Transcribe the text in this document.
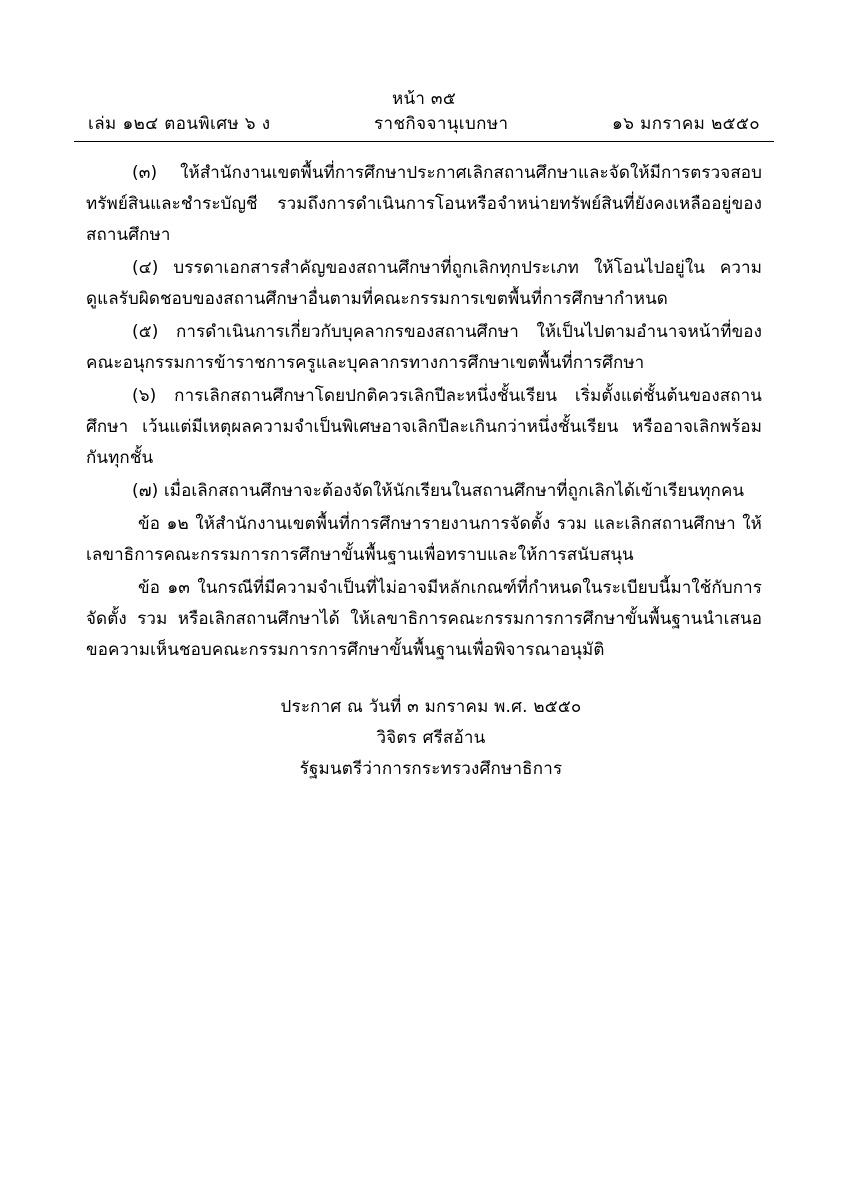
หน้า ๓๕
เล่ม ๑๒๔ ตอนพิเศษ ๖ ง	ราชกิจจานุเบกษา	๑๖ มกราคม ๒๕๕๐

(๓) ให้สำนักงานเขตพื้นที่การศึกษาประกาศเลิกสถานศึกษาและจัดให้มีการตรวจสอบทรัพย์สินและชำระบัญชี รวมถึงการดำเนินการโอนหรือจำหน่ายทรัพย์สินที่ยังคงเหลืออยู่ของสถานศึกษา

(๔) บรรดาเอกสารสำคัญของสถานศึกษาที่ถูกเลิกทุกประเภท ให้โอนไปอยู่ใน ความดูแลรับผิดชอบของสถานศึกษาอื่นตามที่คณะกรรมการเขตพื้นที่การศึกษากำหนด

(๕) การดำเนินการเกี่ยวกับบุคลากรของสถานศึกษา ให้เป็นไปตามอำนาจหน้าที่ของคณะอนุกรรมการข้าราชการครูและบุคลากรทางการศึกษาเขตพื้นที่การศึกษา

(๖) การเลิกสถานศึกษาโดยปกติควรเลิกปีละหนึ่งชั้นเรียน เริ่มตั้งแต่ชั้นต้นของสถานศึกษา เว้นแต่มีเหตุผลความจำเป็นพิเศษอาจเลิกปีละเกินกว่าหนึ่งชั้นเรียน หรืออาจเลิกพร้อมกันทุกชั้น

(๗) เมื่อเลิกสถานศึกษาจะต้องจัดให้นักเรียนในสถานศึกษาที่ถูกเลิกได้เข้าเรียนทุกคน

ข้อ ๑๒ ให้สำนักงานเขตพื้นที่การศึกษารายงานการจัดตั้ง รวม และเลิกสถานศึกษา ให้เลขาธิการคณะกรรมการการศึกษาขั้นพื้นฐานเพื่อทราบและให้การสนับสนุน

ข้อ ๑๓ ในกรณีที่มีความจำเป็นที่ไม่อาจมีหลักเกณฑ์ที่กำหนดในระเบียบนี้มาใช้กับการจัดตั้ง รวม หรือเลิกสถานศึกษาได้ ให้เลขาธิการคณะกรรมการการศึกษาขั้นพื้นฐานนำเสนอขอความเห็นชอบคณะกรรมการการศึกษาขั้นพื้นฐานเพื่อพิจารณาอนุมัติ

ประกาศ ณ วันที่ ๓ มกราคม พ.ศ. ๒๕๕๐
วิจิตร ศรีสอ้าน
รัฐมนตรีว่าการกระทรวงศึกษาธิการ
